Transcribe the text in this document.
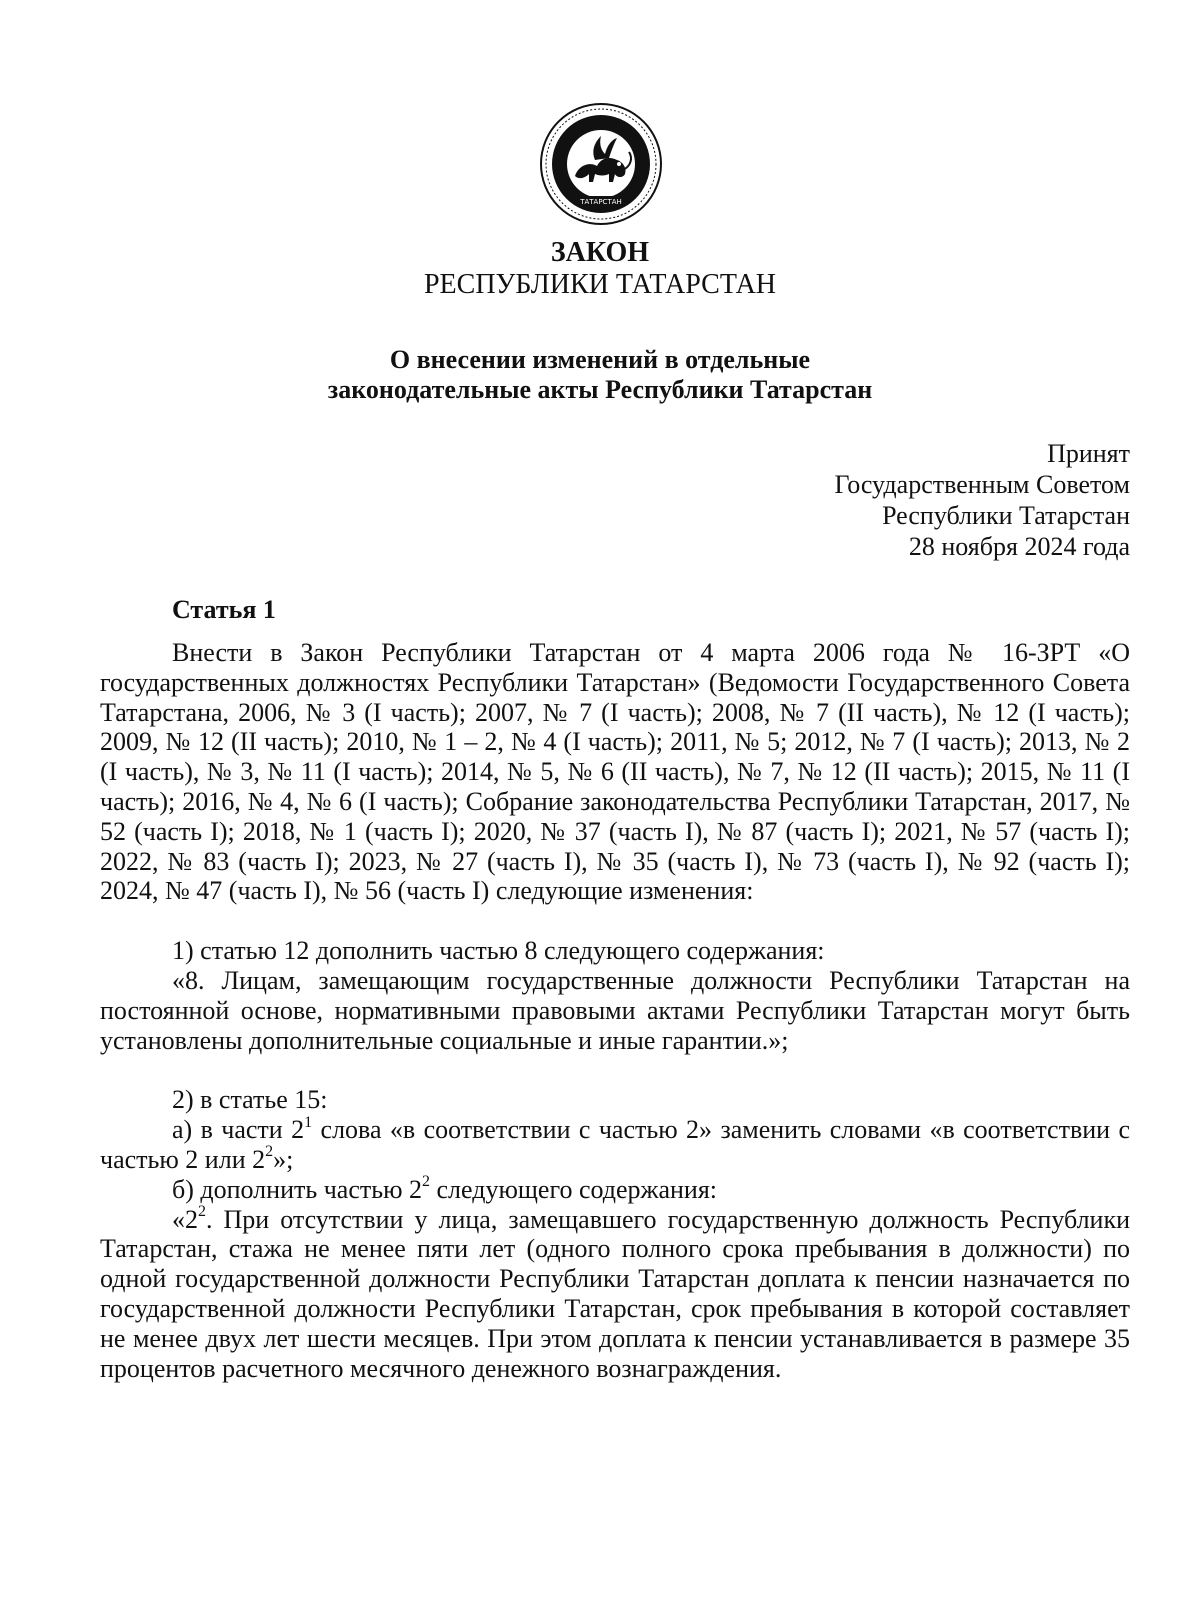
ТАТАРСТАН
ЗАКОН
РЕСПУБЛИКИ ТАТАРСТАН
О внесении изменений в отдельные
законодательные акты Республики Татарстан
Принят
Государственным Советом
Республики Татарстан
28 ноября 2024 года
Статья 1

Внести в Закон Республики Татарстан от 4 марта 2006 года № 16-ЗРТ «О государственных должностях Республики Татарстан» (Ведомости Государственного Совета Татарстана, 2006, № 3 (I часть); 2007, № 7 (I часть); 2008, № 7 (II часть), № 12 (I часть); 2009, № 12 (II часть); 2010, № 1 – 2, № 4 (I часть); 2011, № 5; 2012, № 7 (I часть); 2013, № 2 (I часть), № 3, № 11 (I часть); 2014, № 5, № 6 (II часть), № 7, № 12 (II часть); 2015, № 11 (I часть); 2016, № 4, № 6 (I часть); Собрание законодательства Республики Татарстан, 2017, № 52 (часть I); 2018, № 1 (часть I); 2020, № 37 (часть I), № 87 (часть I); 2021, № 57 (часть I); 2022, № 83 (часть I); 2023, № 27 (часть I), № 35 (часть I), № 73 (часть I), № 92 (часть I); 2024, № 47 (часть I), № 56 (часть I) следующие изменения:

1) статью 12 дополнить частью 8 следующего содержания:

«8. Лицам, замещающим государственные должности Республики Татарстан на постоянной основе, нормативными правовыми актами Республики Татарстан могут быть установлены дополнительные социальные и иные гарантии.»;

2) в статье 15:

а) в части $2^1$ слова «в соответствии с частью 2» заменить словами «в соответствии с частью 2 или $2^2$»;

б) дополнить частью $2^2$ следующего содержания:

«$2^2$. При отсутствии у лица, замещавшего государственную должность Республики Татарстан, стажа не менее пяти лет (одного полного срока пребывания в должности) по одной государственной должности Республики Татарстан доплата к пенсии назначается по государственной должности Республики Татарстан, срок пребывания в которой составляет не менее двух лет шести месяцев. При этом доплата к пенсии устанавливается в размере 35 процентов расчетного месячного денежного вознаграждения.
